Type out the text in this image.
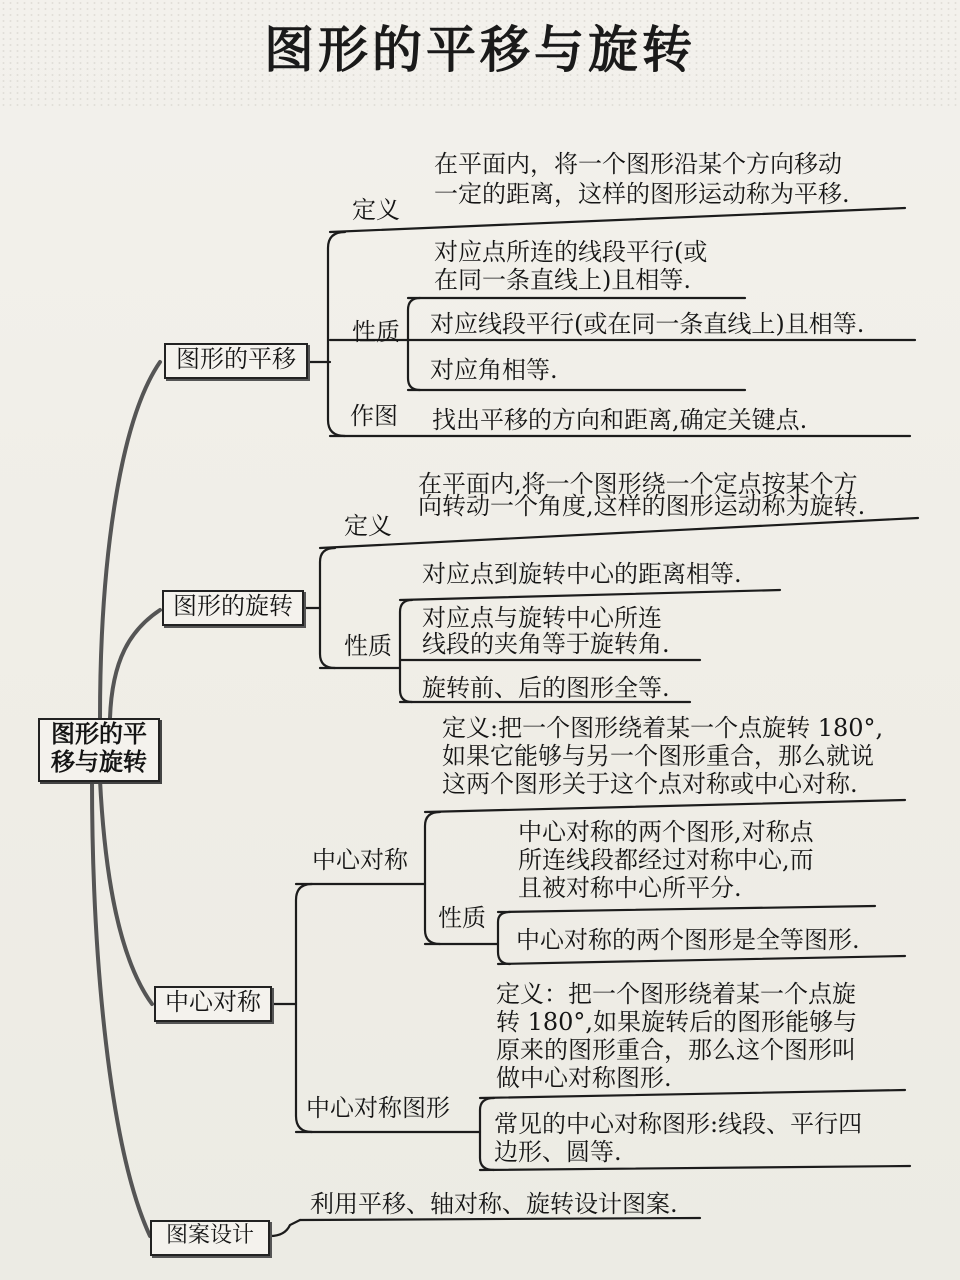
图形的平移与旋转
图形的平
移与旋转
图形的平移
定义
在平面内，将一个图形沿某个方向移动
一定的距离，这样的图形运动称为平移.
性质
对应点所连的线段平行(或
在同一条直线上)且相等.
对应线段平行(或在同一条直线上)且相等.
对应角相等.
作图 找出平移的方向和距离,确定关键点.
图形的旋转
定义
在平面内,将一个图形绕一个定点按某个方
向转动一个角度,这样的图形运动称为旋转.
性质
对应点到旋转中心的距离相等.
对应点与旋转中心所连
线段的夹角等于旋转角.
旋转前、后的图形全等.
中心对称
中心对称
定义:把一个图形绕着某一个点旋转 180°,
如果它能够与另一个图形重合，那么就说
这两个图形关于这个点对称或中心对称.
性质
中心对称的两个图形,对称点
所连线段都经过对称中心,而
且被对称中心所平分.
中心对称的两个图形是全等图形.
中心对称图形
定义：把一个图形绕着某一个点旋
转 180°,如果旋转后的图形能够与
原来的图形重合，那么这个图形叫
做中心对称图形.
常见的中心对称图形:线段、平行四
边形、圆等.
图案设计
利用平移、轴对称、旋转设计图案.
